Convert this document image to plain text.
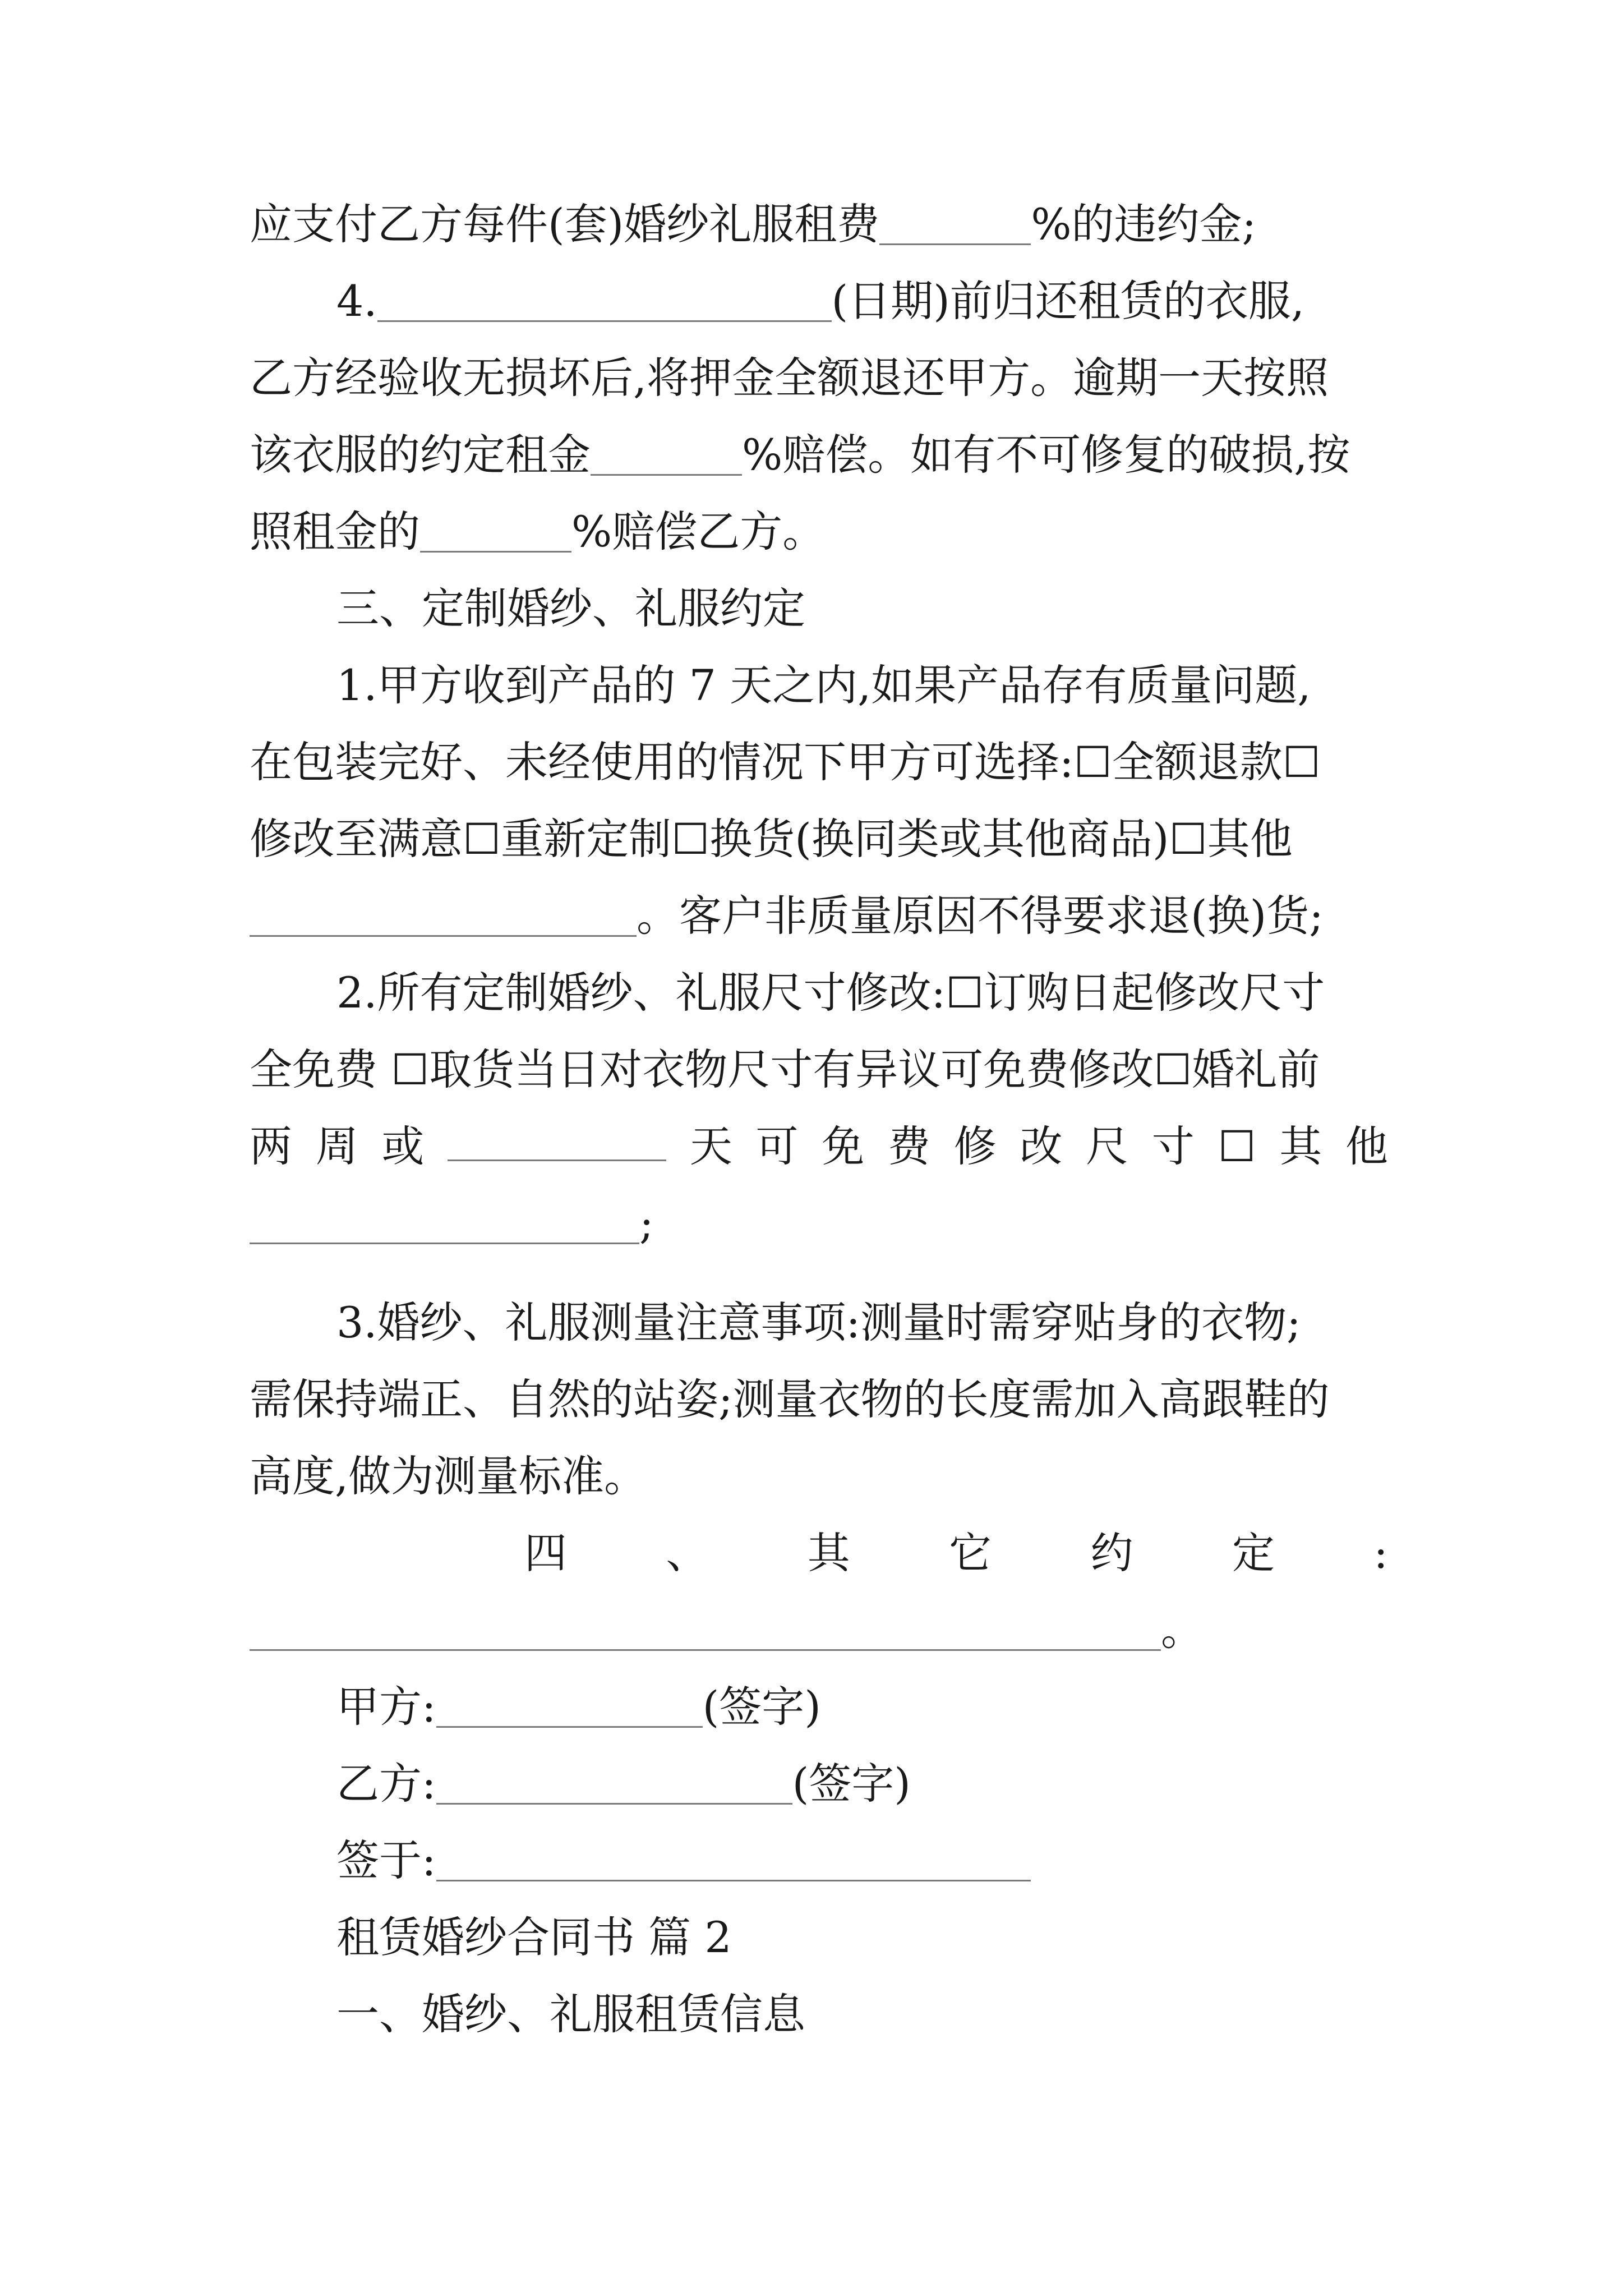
应支付乙方每件(套)婚纱礼服租费	%的违约金;
4.	(日期)前归还租赁的衣服,
乙方经验收无损坏后,将押金全额退还甲方。逾期一天按照
该衣服的约定租金	%赔偿。如有不可修复的破损,按
照租金的	%赔偿乙方。
三、定制婚纱、礼服约定
1.甲方收到产品的 7 天之内,如果产品存有质量问题,
在包装完好、未经使用的情况下甲方可选择:☐全额退款☐
修改至满意☐重新定制☐换货(换同类或其他商品)☐其他
。客户非质量原因不得要求退(换)货;
2.所有定制婚纱、礼服尺寸修改:☐订购日起修改尺寸
全免费 ☐取货当日对衣物尺寸有异议可免费修改☐婚礼前
两 周 或	天 可 免 费 修 改 尺 寸 ☐ 其 他
;
3.婚纱、礼服测量注意事项:测量时需穿贴身的衣物;
需保持端正、自然的站姿;测量衣物的长度需加入高跟鞋的
高度,做为测量标准。
四 、 其 它 约 定 :
。
甲方:	(签字)
乙方:	(签字)
签于:
租赁婚纱合同书 篇 2
一、婚纱、礼服租赁信息
